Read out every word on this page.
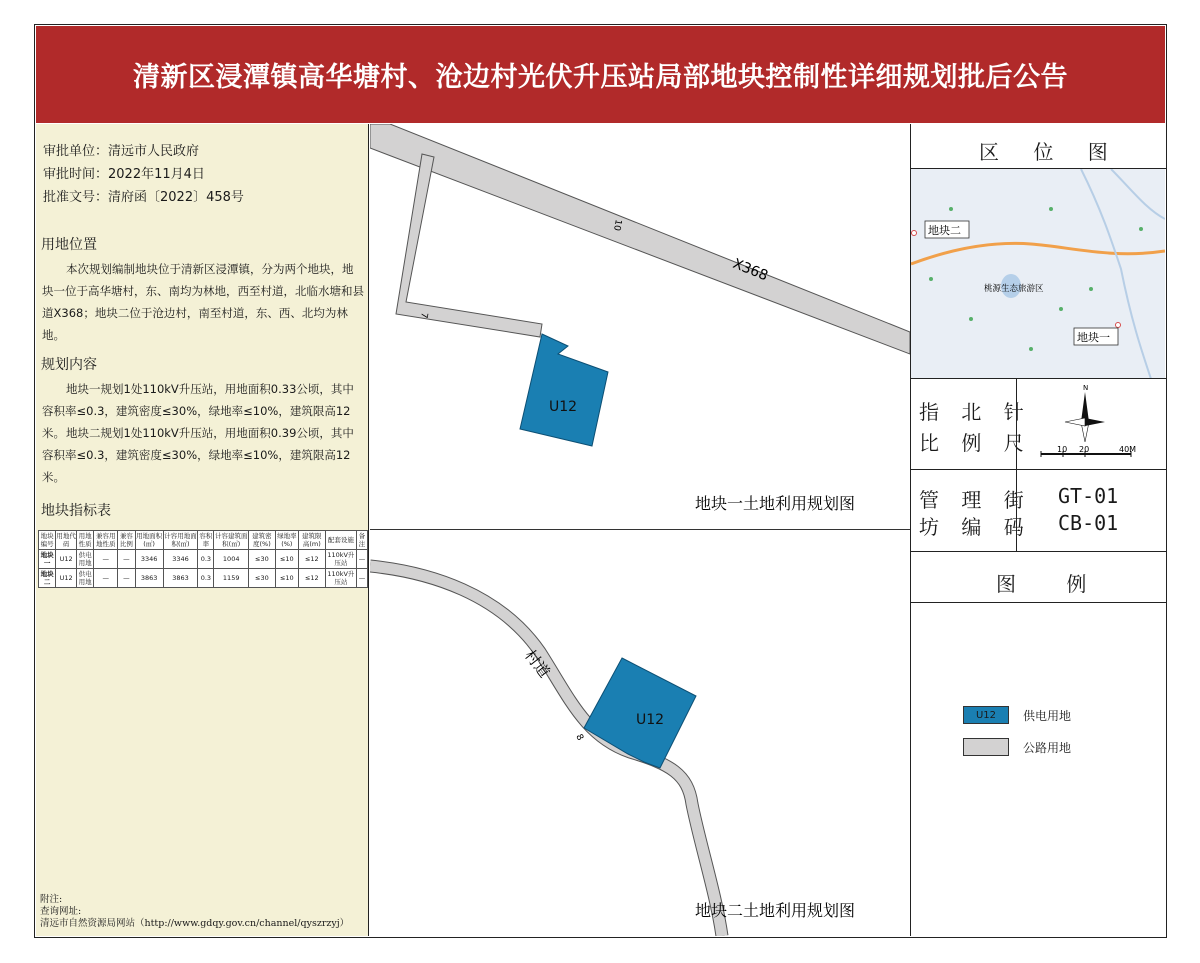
清新区浸潭镇高华塘村、沧边村光伏升压站局部地块控制性详细规划批后公告
审批单位：清远市人民政府
审批时间：2022年11月4日
批准文号：清府函〔2022〕458号
用地位置
本次规划编制地块位于清新区浸潭镇，分为两个地块，地块一位于高华塘村，东、南均为林地，西至村道，北临水塘和县道X368；地块二位于沧边村，南至村道，东、西、北均为林地。
规划内容
地块一规划1处110kV升压站，用地面积0.33公顷，其中容积率≤0.3，建筑密度≤30%，绿地率≤10%，建筑限高12米。 地块二规划1处110kV升压站，用地面积0.39公顷，其中容积率≤0.3，建筑密度≤30%，绿地率≤10%，建筑限高12米。
地块指标表
地块编号	用地代码	用地性质	兼容用地性质	兼容比例	用地面积(㎡)	计容用地面积(㎡)	容积率	计容建筑面积(㎡)	建筑密度(%)	绿地率(%)	建筑限高(m)	配套设施	备注
地块一	U12	供电用地	—	—	3346	3346	0.3	1004	≤30	≤10	≤12	110kV升压站	—
地块二	U12	供电用地	—	—	3863	3863	0.3	1159	≤30	≤10	≤12	110kV升压站	—
附注:
查询网址:
清远市自然资源局网站（http://www.gdqy.gov.cn/channel/qyszrzyj）
10
7
X368
U12
地块一土地利用规划图
村道
8
U12
地块二土地利用规划图
区 位 图
地块二
地块一
桃源生态旅游区
指 北 针
比 例 尺
N
10 20	40M
管 理 街
坊 编 码
GT-01
CB-01
图 例
U12	供电用地
公路用地
